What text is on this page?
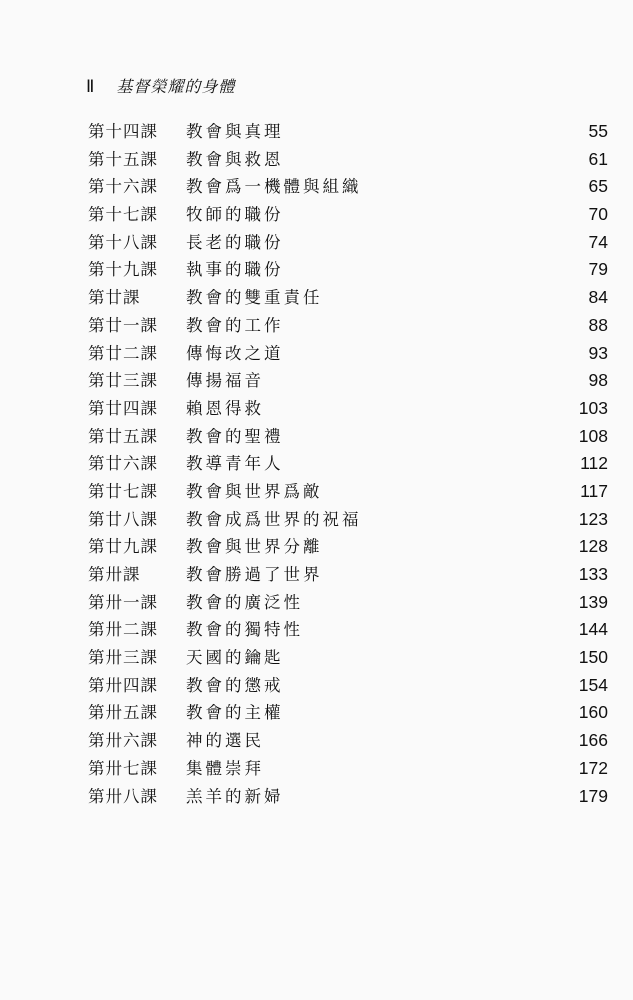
Ⅱ 基督榮耀的身體
第十四課 教會與真理	55
第十五課 教會與救恩	61
第十六課 教會爲一機體與組織	65
第十七課 牧師的職份	70
第十八課 長老的職份	74
第十九課 執事的職份	79
第廿課	教會的雙重責任	84
第廿一課 教會的工作	88
第廿二課 傳悔改之道	93
第廿三課 傳揚福音	98
第廿四課 賴恩得救	103
第廿五課 教會的聖禮	108
第廿六課 教導青年人	112
第廿七課 教會與世界爲敵	117
第廿八課 教會成爲世界的祝福	123
第廿九課 教會與世界分離	128
第卅課	教會勝過了世界	133
第卅一課 教會的廣泛性	139
第卅二課 教會的獨特性	144
第卅三課 天國的鑰匙	150
第卅四課 教會的懲戒	154
第卅五課 教會的主權	160
第卅六課 神的選民	166
第卅七課 集體崇拜	172
第卅八課 羔羊的新婦	179
